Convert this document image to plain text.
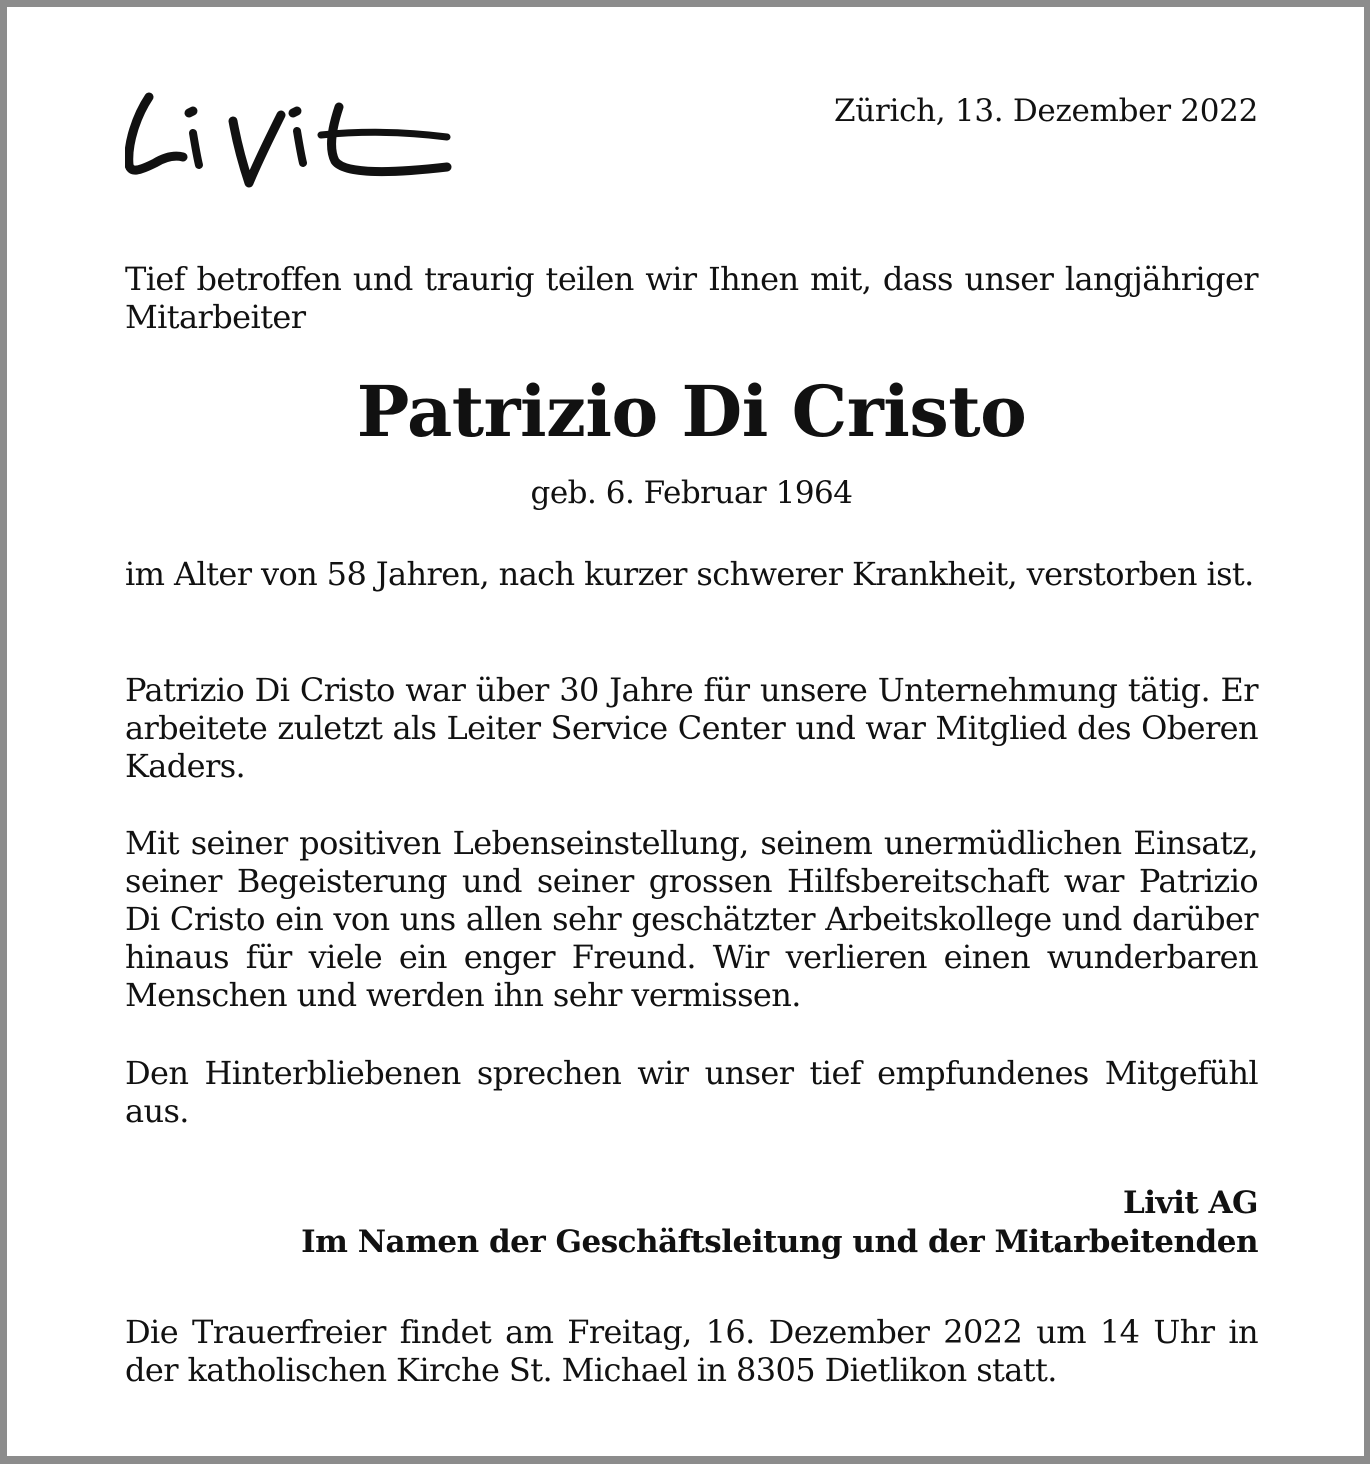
Zürich, 13. Dezember 2022

Tief betroffen und traurig teilen wir Ihnen mit, dass unser langjähriger Mitarbeiter

Patrizio Di Cristo
geb. 6. Februar 1964

im Alter von 58 Jahren, nach kurzer schwerer Krankheit, verstorben ist.

Patrizio Di Cristo war über 30 Jahre für unsere Unternehmung tätig. Er arbeitete zuletzt als Leiter Service Center und war Mitglied des Oberen Kaders.

Mit seiner positiven Lebenseinstellung, seinem unermüdlichen Einsatz, seiner Begeisterung und seiner grossen Hilfsbereitschaft war Patrizio Di Cristo ein von uns allen sehr geschätzter Arbeitskollege und darüber hinaus für viele ein enger Freund. Wir verlieren einen wunderbaren Menschen und werden ihn sehr vermissen.

Den Hinterbliebenen sprechen wir unser tief empfundenes Mitgefühl aus.

Livit AG
Im Namen der Geschäftsleitung und der Mitarbeitenden

Die Trauerfreier findet am Freitag, 16. Dezember 2022 um 14 Uhr in der katholischen Kirche St. Michael in 8305 Dietlikon statt.
